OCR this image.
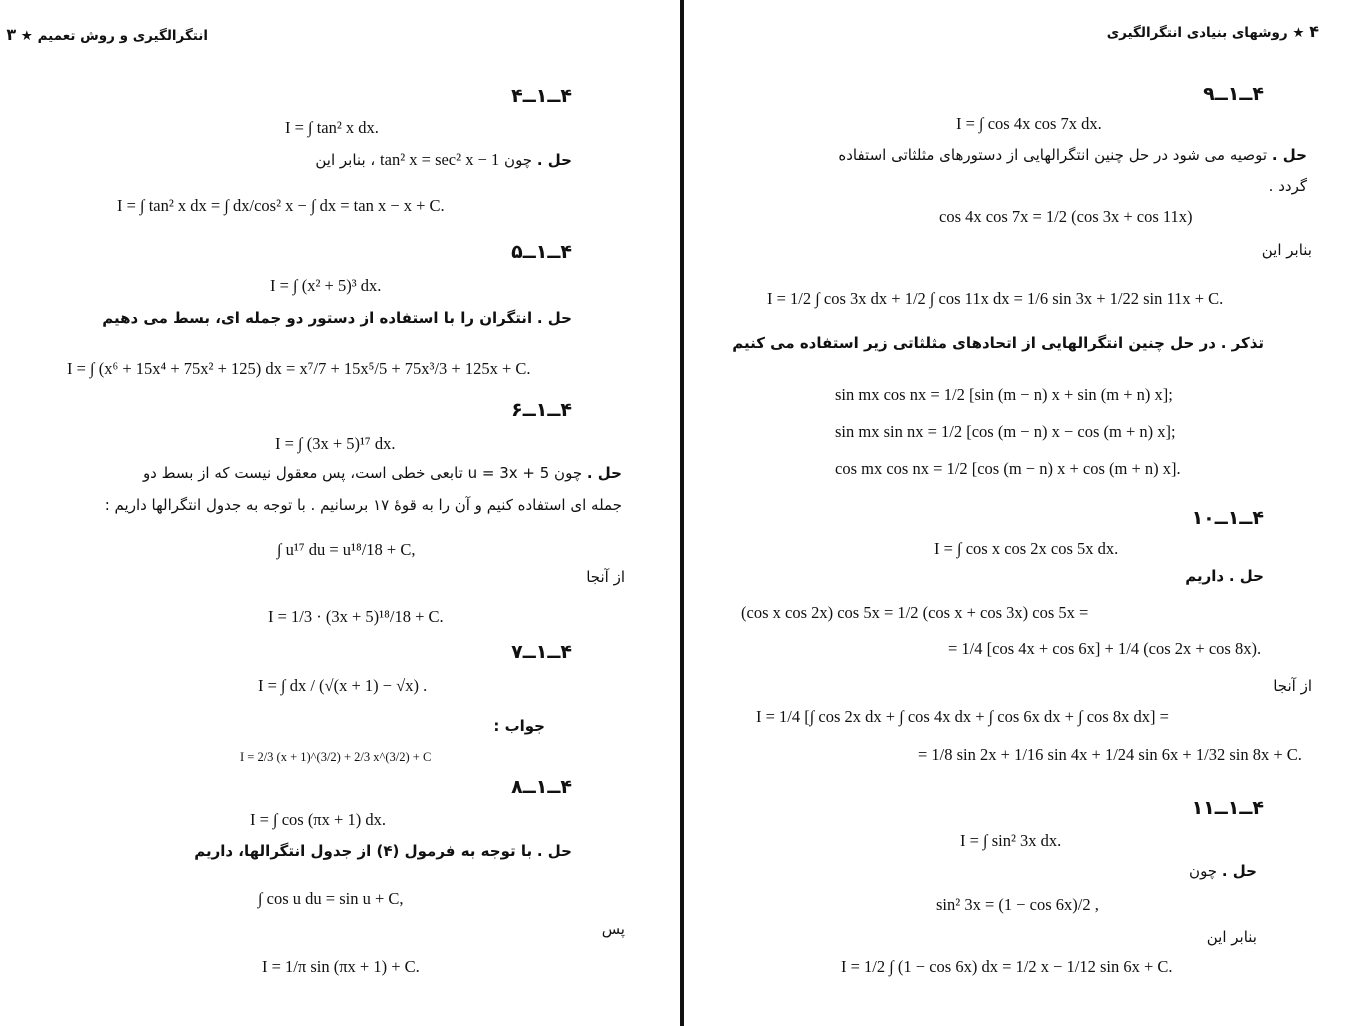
انتگرالگیری و روش تعمیم ★ ۳
۴ــ۱ــ۴
I = ∫ tan² x dx.
حل . چون tan² x = sec² x − 1 ، بنابر این
I = ∫ tan² x dx = ∫ dx/cos² x − ∫ dx = tan x − x + C.
۴ــ۱ــ۵
I = ∫ (x² + 5)³ dx.
حل . انتگران را با استفاده از دستور دو جمله ای، بسط می دهیم
I = ∫ (x⁶ + 15x⁴ + 75x² + 125) dx = x⁷/7 + 15x⁵/5 + 75x³/3 + 125x + C.
۴ــ۱ــ۶
I = ∫ (3x + 5)¹⁷ dx.
حل . چون u = 3x + 5 تابعی خطی است، پس معقول نیست که از بسط دو
جمله ای استفاده کنیم و آن را به قوهٔ ۱۷ برسانیم . با توجه به جدول انتگرالها داریم :
∫ u¹⁷ du = u¹⁸/18 + C,
از آنجا
I = 1/3 · (3x + 5)¹⁸/18 + C.
۴ــ۱ــ۷
I = ∫ dx / (√(x + 1) − √x) .
جواب :
I = 2/3 (x + 1)^(3/2) + 2/3 x^(3/2) + C
۴ــ۱ــ۸
I = ∫ cos (πx + 1) dx.
حل . با توجه به فرمول (۴) از جدول انتگرالها، داریم
∫ cos u du = sin u + C,
پس
I = 1/π sin (πx + 1) + C.
۴ ★ روشهای بنیادی انتگرالگیری
۴ــ۱ــ۹
I = ∫ cos 4x cos 7x dx.
حل . توصیه می شود در حل چنین انتگرالهایی از دستورهای مثلثاتی استفاده
گردد .
cos 4x cos 7x = 1/2 (cos 3x + cos 11x)
بنابر این
I = 1/2 ∫ cos 3x dx + 1/2 ∫ cos 11x dx = 1/6 sin 3x + 1/22 sin 11x + C.
تذکر . در حل چنین انتگرالهایی از اتحادهای مثلثاتی زیر استفاده می کنیم
sin mx cos nx = 1/2 [sin (m − n) x + sin (m + n) x];
sin mx sin nx = 1/2 [cos (m − n) x − cos (m + n) x];
cos mx cos nx = 1/2 [cos (m − n) x + cos (m + n) x].
۴ــ۱ــ۱۰
I = ∫ cos x cos 2x cos 5x dx.
حل . داریم
(cos x cos 2x) cos 5x = 1/2 (cos x + cos 3x) cos 5x =
= 1/4 [cos 4x + cos 6x] + 1/4 (cos 2x + cos 8x).
از آنجا
I = 1/4 [∫ cos 2x dx + ∫ cos 4x dx + ∫ cos 6x dx + ∫ cos 8x dx] =
= 1/8 sin 2x + 1/16 sin 4x + 1/24 sin 6x + 1/32 sin 8x + C.
۴ــ۱ــ۱۱
I = ∫ sin² 3x dx.
حل . چون
sin² 3x = (1 − cos 6x)/2 ,
بنابر این
I = 1/2 ∫ (1 − cos 6x) dx = 1/2 x − 1/12 sin 6x + C.
